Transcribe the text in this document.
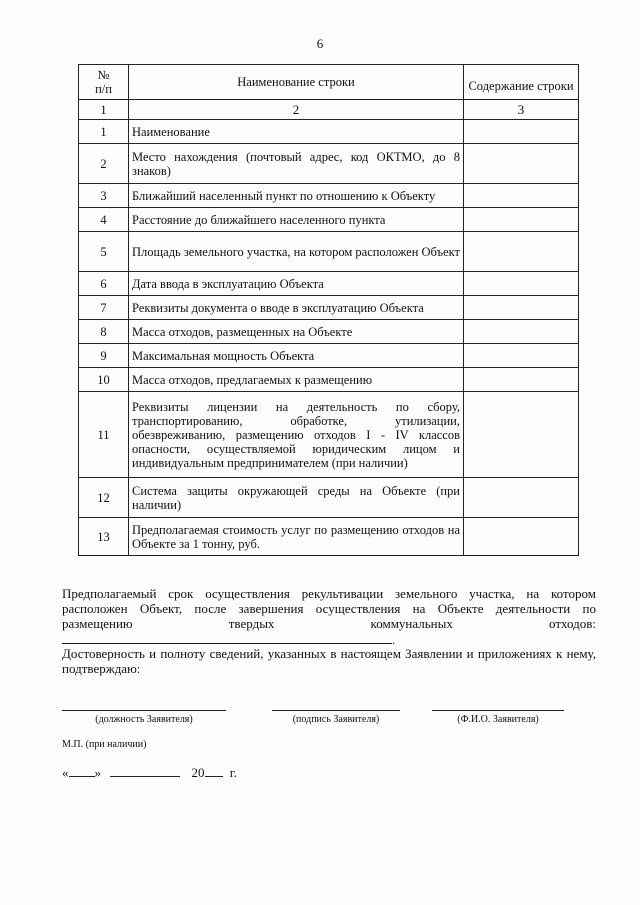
6
№
п/п	Наименование строки	Содержание строки
1	2	3
1	Наименование	
2	Место нахождения (почтовый адрес, код ОКТМО, до 8 знаков)	
3	Ближайший населенный пункт по отношению к Объекту	
4	Расстояние до ближайшего населенного пункта	
5	Площадь земельного участка, на котором расположен Объект	
6	Дата ввода в эксплуатацию Объекта	
7	Реквизиты документа о вводе в эксплуатацию Объекта	
8	Масса отходов, размещенных на Объекте	
9	Максимальная мощность Объекта	
10	Масса отходов, предлагаемых к размещению	
11	Реквизиты лицензии на деятельность по сбору, транспортированию, обработке, утилизации, обезвреживанию, размещению отходов I - IV классов опасности, осуществляемой юридическим лицом и индивидуальным предпринимателем (при наличии)	
12	Система защиты окружающей среды на Объекте (при наличии)	
13	Предполагаемая стоимость услуг по размещению отходов на Объекте за 1 тонну, руб.	
Предполагаемый срок осуществления рекультивации земельного участка, на котором расположен Объект, после завершения осуществления на Объекте деятельности по размещению твердых коммунальных отходов: .
Достоверность и полноту сведений, указанных в настоящем Заявлении и приложениях к нему, подтверждаю:
(должность Заявителя)	(подпись Заявителя)	(Ф.И.О. Заявителя)
М.П. (при наличии)
« »	20 г.
